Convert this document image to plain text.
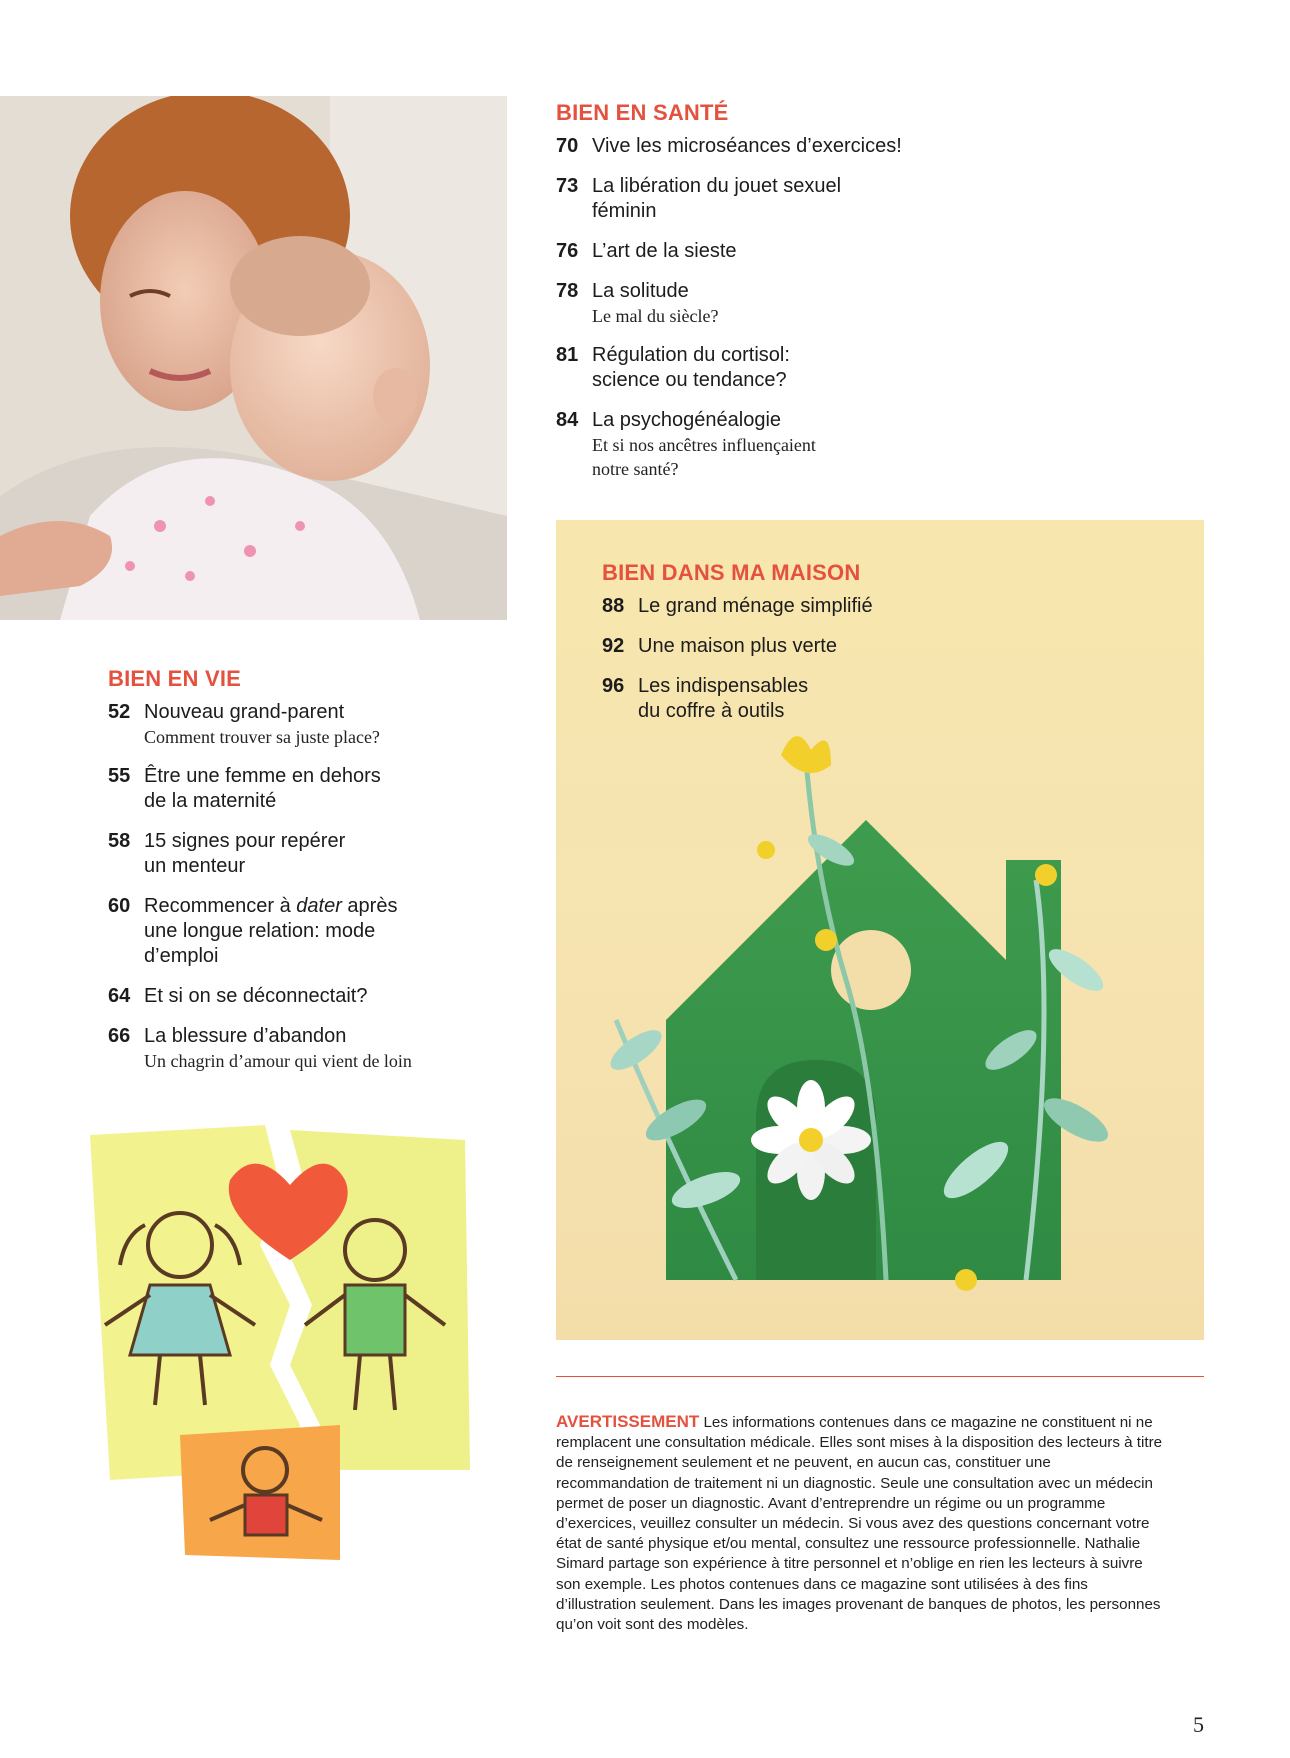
BIEN EN SANTÉ
70 Vive les microséances d’exercices!
73 La libération du jouet sexuel
féminin
76 L’art de la sieste
78 La solitude
Le mal du siècle?
81 Régulation du cortisol:
science ou tendance?
84 La psychogénéalogie
Et si nos ancêtres influençaient
notre santé?
BIEN EN VIE
52 Nouveau grand-parent
Comment trouver sa juste place?
55 Être une femme en dehors
de la maternité
58 15 signes pour repérer
un menteur
60 Recommencer à dater après
une longue relation: mode
d’emploi
64 Et si on se déconnectait?
66 La blessure d’abandon
Un chagrin d’amour qui vient de loin
BIEN DANS MA MAISON
88 Le grand ménage simplifié
92 Une maison plus verte
96 Les indispensables
du coffre à outils
AVERTISSEMENT Les informations contenues dans ce magazine ne constituent ni ne remplacent une consultation médicale. Elles sont mises à la disposition des lecteurs à titre de renseignement seulement et ne peuvent, en aucun cas, constituer une recommandation de traitement ni un diagnostic. Seule une consultation avec un médecin permet de poser un diagnostic. Avant d’entreprendre un régime ou un programme d’exercices, veuillez consulter un médecin. Si vous avez des questions concernant votre état de santé physique et/ou mental, consultez une ressource professionnelle. Nathalie Simard partage son expérience à titre personnel et n’oblige en rien les lecteurs à suivre son exemple. Les photos contenues dans ce magazine sont utilisées à des fins d’illustration seulement. Dans les images provenant de banques de photos, les personnes qu’on voit sont des modèles.
5
